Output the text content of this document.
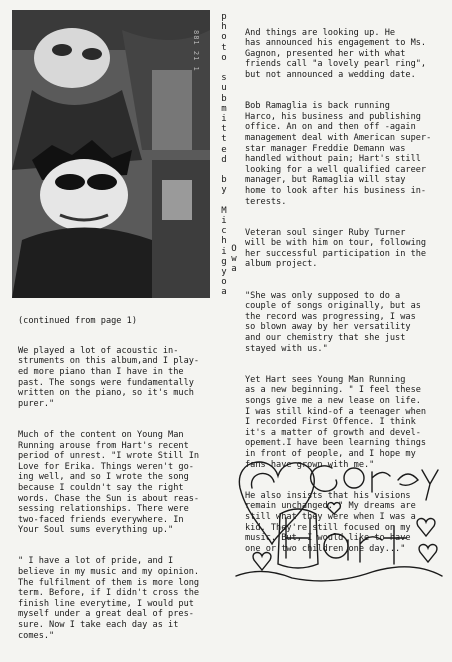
881 21 1
p
h
o
t
o

s
u
b
m
i
t
t
e
d

b
y

M
i
c
h
i
g
y
o
a
O
w
a

(continued from page 1)

We played a lot of acoustic in-
struments on this album,and I play-
ed more piano than I have in the
past. The songs were fundamentally
written on the piano, so it's much
purer."

Much of the content on Young Man
Running arouse from Hart's recent
period of unrest. "I wrote Still In
Love for Erika. Things weren't go-
ing well, and so I wrote the song
because I couldn't say the right
words. Chase the Sun is about reas-
sessing relationships. There were
two-faced friends everywhere. In
Your Soul sums everything up."

" I have a lot of pride, and I
believe in my music and my opinion.
The fulfilment of them is more long
term. Before, if I didn't cross the
finish line everytime, I would put
myself under a great deal of pres-
sure. Now I take each day as it
comes."

And things are looking up. He
has announced his engagement to Ms.
Gagnon, presented her with what
friends call "a lovely pearl ring",
but not announced a wedding date.

Bob Ramaglia is back running
Harco, his business and publishing
office. An on and then off -again
management deal with American super-
star manager Freddie Demann was
handled without pain; Hart's still
looking for a well qualified career
manager, but Ramaglia will stay
home to look after his business in-
terests.

Veteran soul singer Ruby Turner
will be with him on tour, following
her successful participation in the
album project.

"She was only supposed to do a
couple of songs originally, but as
the record was progressing, I was
so blown away by her versatility
and our chemistry that she just
stayed with us."

Yet Hart sees Young Man Running
as a new beginning. " I feel these
songs give me a new lease on life.
I was still kind-of a teenager when
I recorded First Offence. I think
it's a matter of growth and devel-
opement.I have been learning things
in front of people, and I hope my
fans have grown with me."

He also insists that his visions
remain unchanged. " My dreams are
still what they were when I was a
kid. They're still focused on my
music. But, I would like to have
one or two children one day..."
